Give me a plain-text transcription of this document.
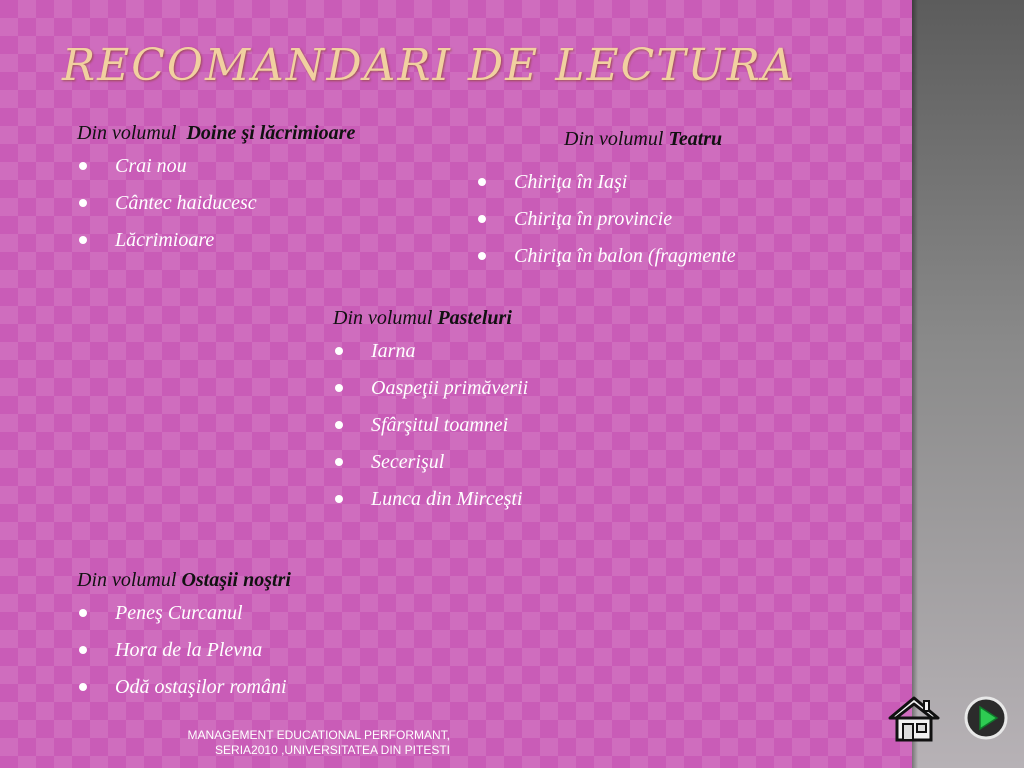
RECOMANDARI DE LECTURA
Din volumul Doine şi lăcrimioare
Crai nou
Cântec haiducesc
Lăcrimioare
Din volumul Teatru
Chiriţa în Iaşi
Chiriţa în provincie
Chiriţa în balon (fragmente
Din volumul Pasteluri
Iarna
Oaspeţii primăverii
Sfârşitul toamnei
Secerişul
Lunca din Mirceşti
Din volumul Ostaşii noştri
Peneş Curcanul
Hora de la Plevna
Odă ostaşilor români
MANAGEMENT EDUCATIONAL PERFORMANT,
SERIA2010 ,UNIVERSITATEA DIN PITESTI
